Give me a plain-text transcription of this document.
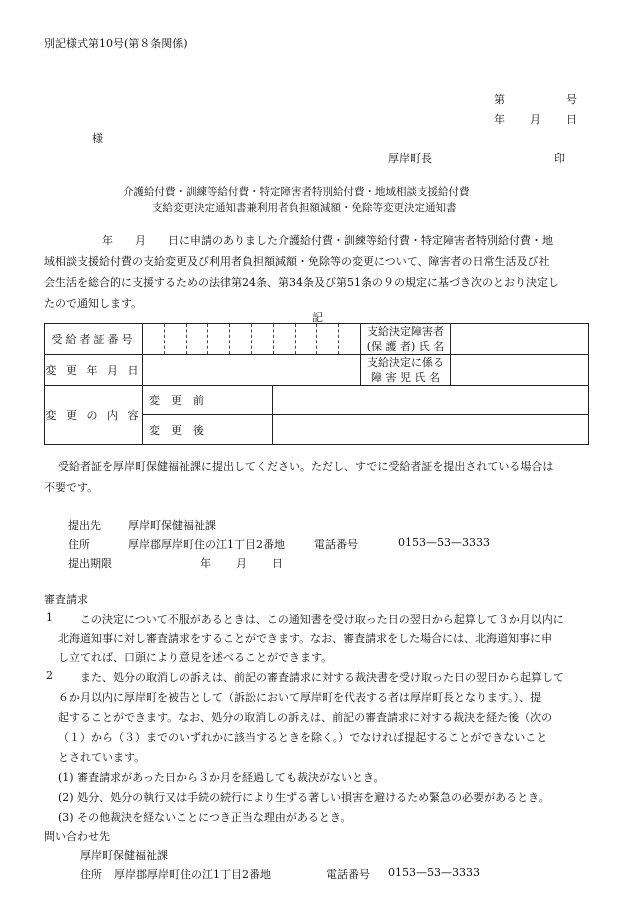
別記様式第10号(第８条関係)
第	号
年 月 日
様
厚岸町長	印
介護給付費・訓練等給付費・特定障害者特別給付費・地域相談支援給付費
支給変更決定通知書兼利用者負担額減額・免除等変更決定通知書
年　　月　　日に申請のありました介護給付費・訓練等給付費・特定障害者特別給付費・地
域相談支援給付費の支給変更及び利用者負担額減額・免除等の変更について、障害者の日常生活及び社
会生活を総合的に支援するための法律第24条、第34条及び第51条の９の規定に基づき次のとおり決定し
たので通知します。
記
受給者証番号			支給決定障害者
(保 護 者) 氏 名	

変 更 年 月 日			支給決定に係る
障 害 児 氏 名	

変 更 の 内 容	変　更　前			
	変　更　後			
受給者証を厚岸町保健福祉課に提出してください。ただし、すでに受給者証を提出されている場合は
不要です。
提出先 厚岸町保健福祉課
住所	厚岸郡厚岸町住の江1丁目2番地	電話番号	0153—53—3333
提出期限	年 月 日
審査請求
1 この決定について不服があるときは、この通知書を受け取った日の翌日から起算して３か月以内に
北海道知事に対し審査請求をすることができます。なお、審査請求をした場合には、北海道知事に申
し立てれば、口頭により意見を述べることができます。
2 また、処分の取消しの訴えは、前記の審査請求に対する裁決書を受け取った日の翌日から起算して
６か月以内に厚岸町を被告として（訴訟において厚岸町を代表する者は厚岸町長となります。）、提
起することができます。なお、処分の取消しの訴えは、前記の審査請求に対する裁決を経た後（次の
（１）から（３）までのいずれかに該当するときを除く。）でなければ提起することができないこと
とされています。
(1) 審査請求があった日から３か月を経過しても裁決がないとき。
(2) 処分、処分の執行又は手続の続行により生ずる著しい損害を避けるため緊急の必要があるとき。
(3) その他裁決を経ないことにつき正当な理由があるとき。
問い合わせ先
厚岸町保健福祉課
住所 厚岸郡厚岸町住の江1丁目2番地	電話番号 0153—53—3333
